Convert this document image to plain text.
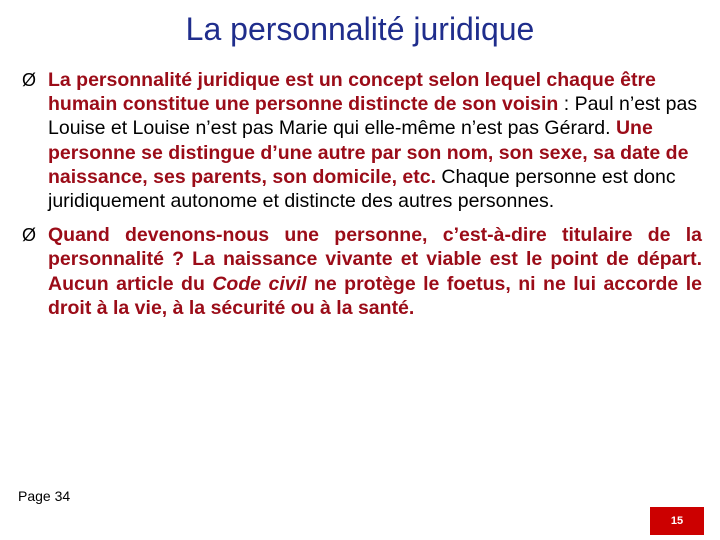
La personnalité juridique
Ø La personnalité juridique est un concept selon lequel chaque être humain constitue une personne distincte de son voisin : Paul n’est pas Louise et Louise n’est pas Marie qui elle-même n’est pas Gérard. Une personne se distingue d’une autre par son nom, son sexe, sa date de naissance, ses parents, son domicile, etc. Chaque personne est donc juridiquement autonome et distincte des autres personnes.
Ø Quand devenons-nous une personne, c’est-à-dire titulaire de la personnalité ? La naissance vivante et viable est le point de départ. Aucun article du Code civil ne protège le foetus, ni ne lui accorde le droit à la vie, à la sécurité ou à la santé.
Page 34
15
